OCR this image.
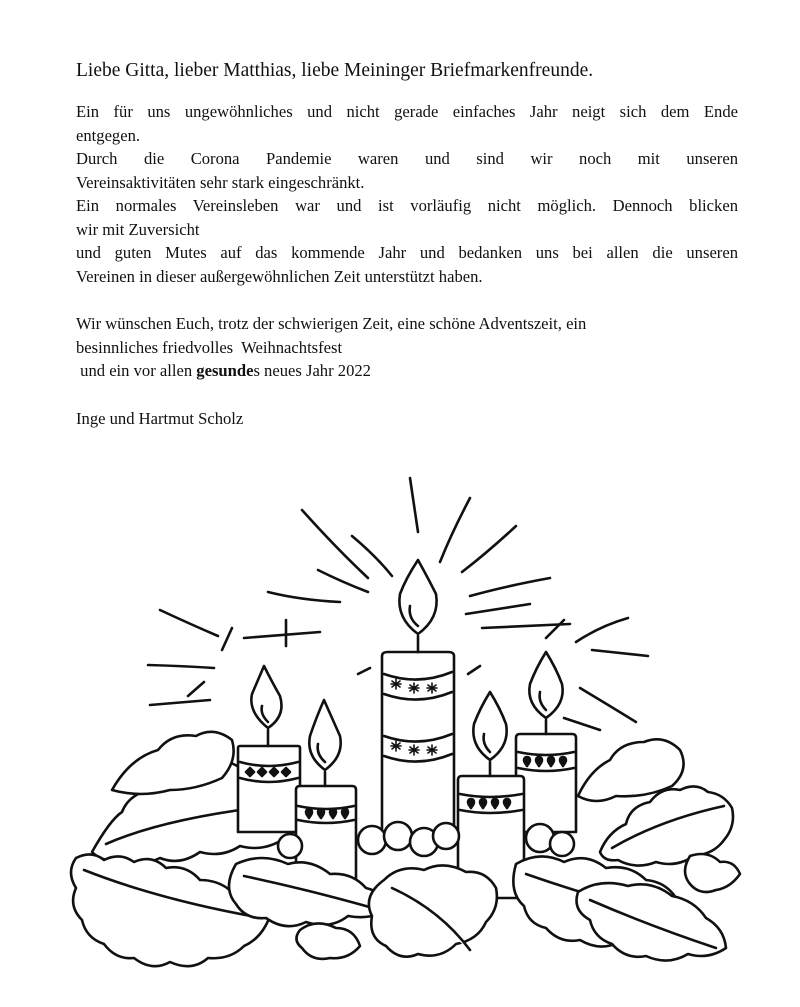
Liebe Gitta, lieber Matthias, liebe Meininger Briefmarkenfreunde.

Ein für uns ungewöhnliches und nicht gerade einfaches Jahr neigt sich dem Ende
entgegen.
Durch die Corona Pandemie waren und sind wir noch mit unseren
Vereinsaktivitäten sehr stark eingeschränkt.
Ein normales Vereinsleben war und ist vorläufig nicht möglich. Dennoch blicken
wir mit Zuversicht
und guten Mutes auf das kommende Jahr und bedanken uns bei allen die unseren
Vereinen in dieser außergewöhnlichen Zeit unterstützt haben.

Wir wünschen Euch, trotz der schwierigen Zeit, eine schöne Adventszeit, ein
besinnliches friedvolles  Weihnachtsfest
und ein vor allen gesundes neues Jahr 2022

Inge und Hartmut Scholz
